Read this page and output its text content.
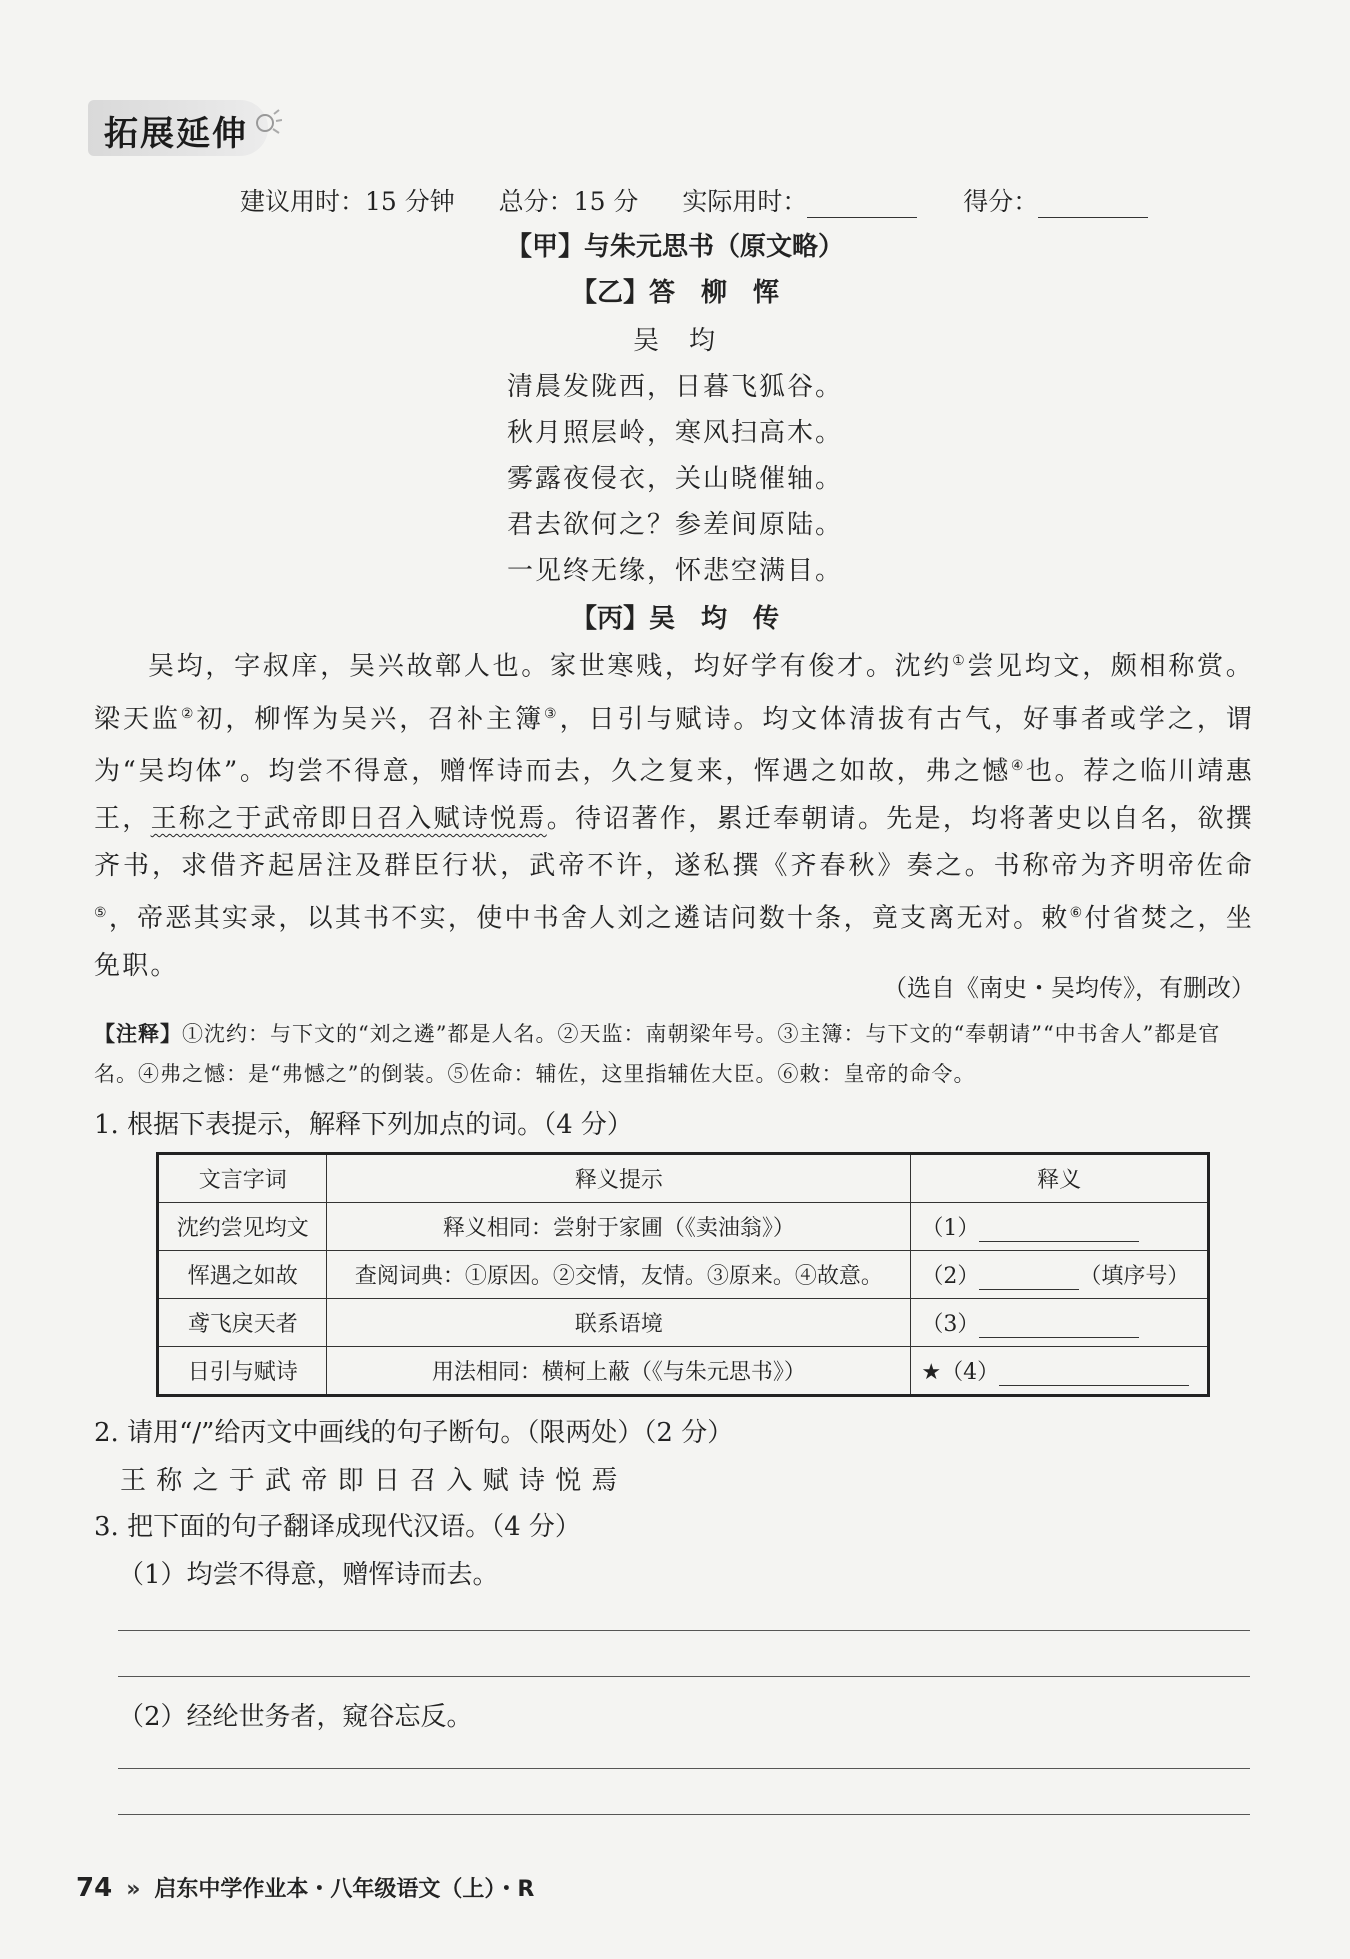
拓展延伸
建议用时：15 分钟 总分：15 分 实际用时：	得分：
【甲】与朱元思书（原文略）
【乙】答　柳　恽
吴　均
清晨发陇西，日暮飞狐谷。
秋月照层岭，寒风扫高木。
雾露夜侵衣，关山晓催轴。
君去欲何之？参差间原陆。
一见终无缘，怀悲空满目。
【丙】吴　均　传
吴均，字叔庠，吴兴故鄣人也。家世寒贱，均好学有俊才。沈约①尝见均文，颇相称赏。梁天监②初，柳恽为吴兴，召补主簿③，日引与赋诗。均文体清拔有古气，好事者或学之，谓为“吴均体”。均尝不得意，赠恽诗而去，久之复来，恽遇之如故，弗之憾④也。荐之临川靖惠王，王称之于武帝即日召入赋诗悦焉。待诏著作，累迁奉朝请。先是，均将著史以自名，欲撰齐书，求借齐起居注及群臣行状，武帝不许，遂私撰《齐春秋》奏之。书称帝为齐明帝佐命⑤，帝恶其实录，以其书不实，使中书舍人刘之遴诘问数十条，竟支离无对。敕⑥付省焚之，坐免职。
（选自《南史・吴均传》，有删改）
【注释】①沈约：与下文的“刘之遴”都是人名。②天监：南朝梁年号。③主簿：与下文的“奉朝请”“中书舍人”都是官名。④弗之憾：是“弗憾之”的倒装。⑤佐命：辅佐，这里指辅佐大臣。⑥敕：皇帝的命令。
1. 根据下表提示，解释下列加点的词。（4 分）
文言字词	释义提示	释义
沈约尝见均文	释义相同：尝射于家圃（《卖油翁》）	（1）
恽遇之如故	查阅词典：①原因。②交情，友情。③原来。④故意。	（2） （填序号）
鸢飞戾天者	联系语境	（3）
日引与赋诗	用法相同：横柯上蔽（《与朱元思书》）	★（4）
2. 请用“/”给丙文中画线的句子断句。（限两处）（2 分）
王 称 之 于 武 帝 即 日 召 入 赋 诗 悦 焉
3. 把下面的句子翻译成现代汉语。（4 分）
（1）均尝不得意，赠恽诗而去。
（2）经纶世务者，窥谷忘反。
74 » 启东中学作业本・八年级语文（上）・R
